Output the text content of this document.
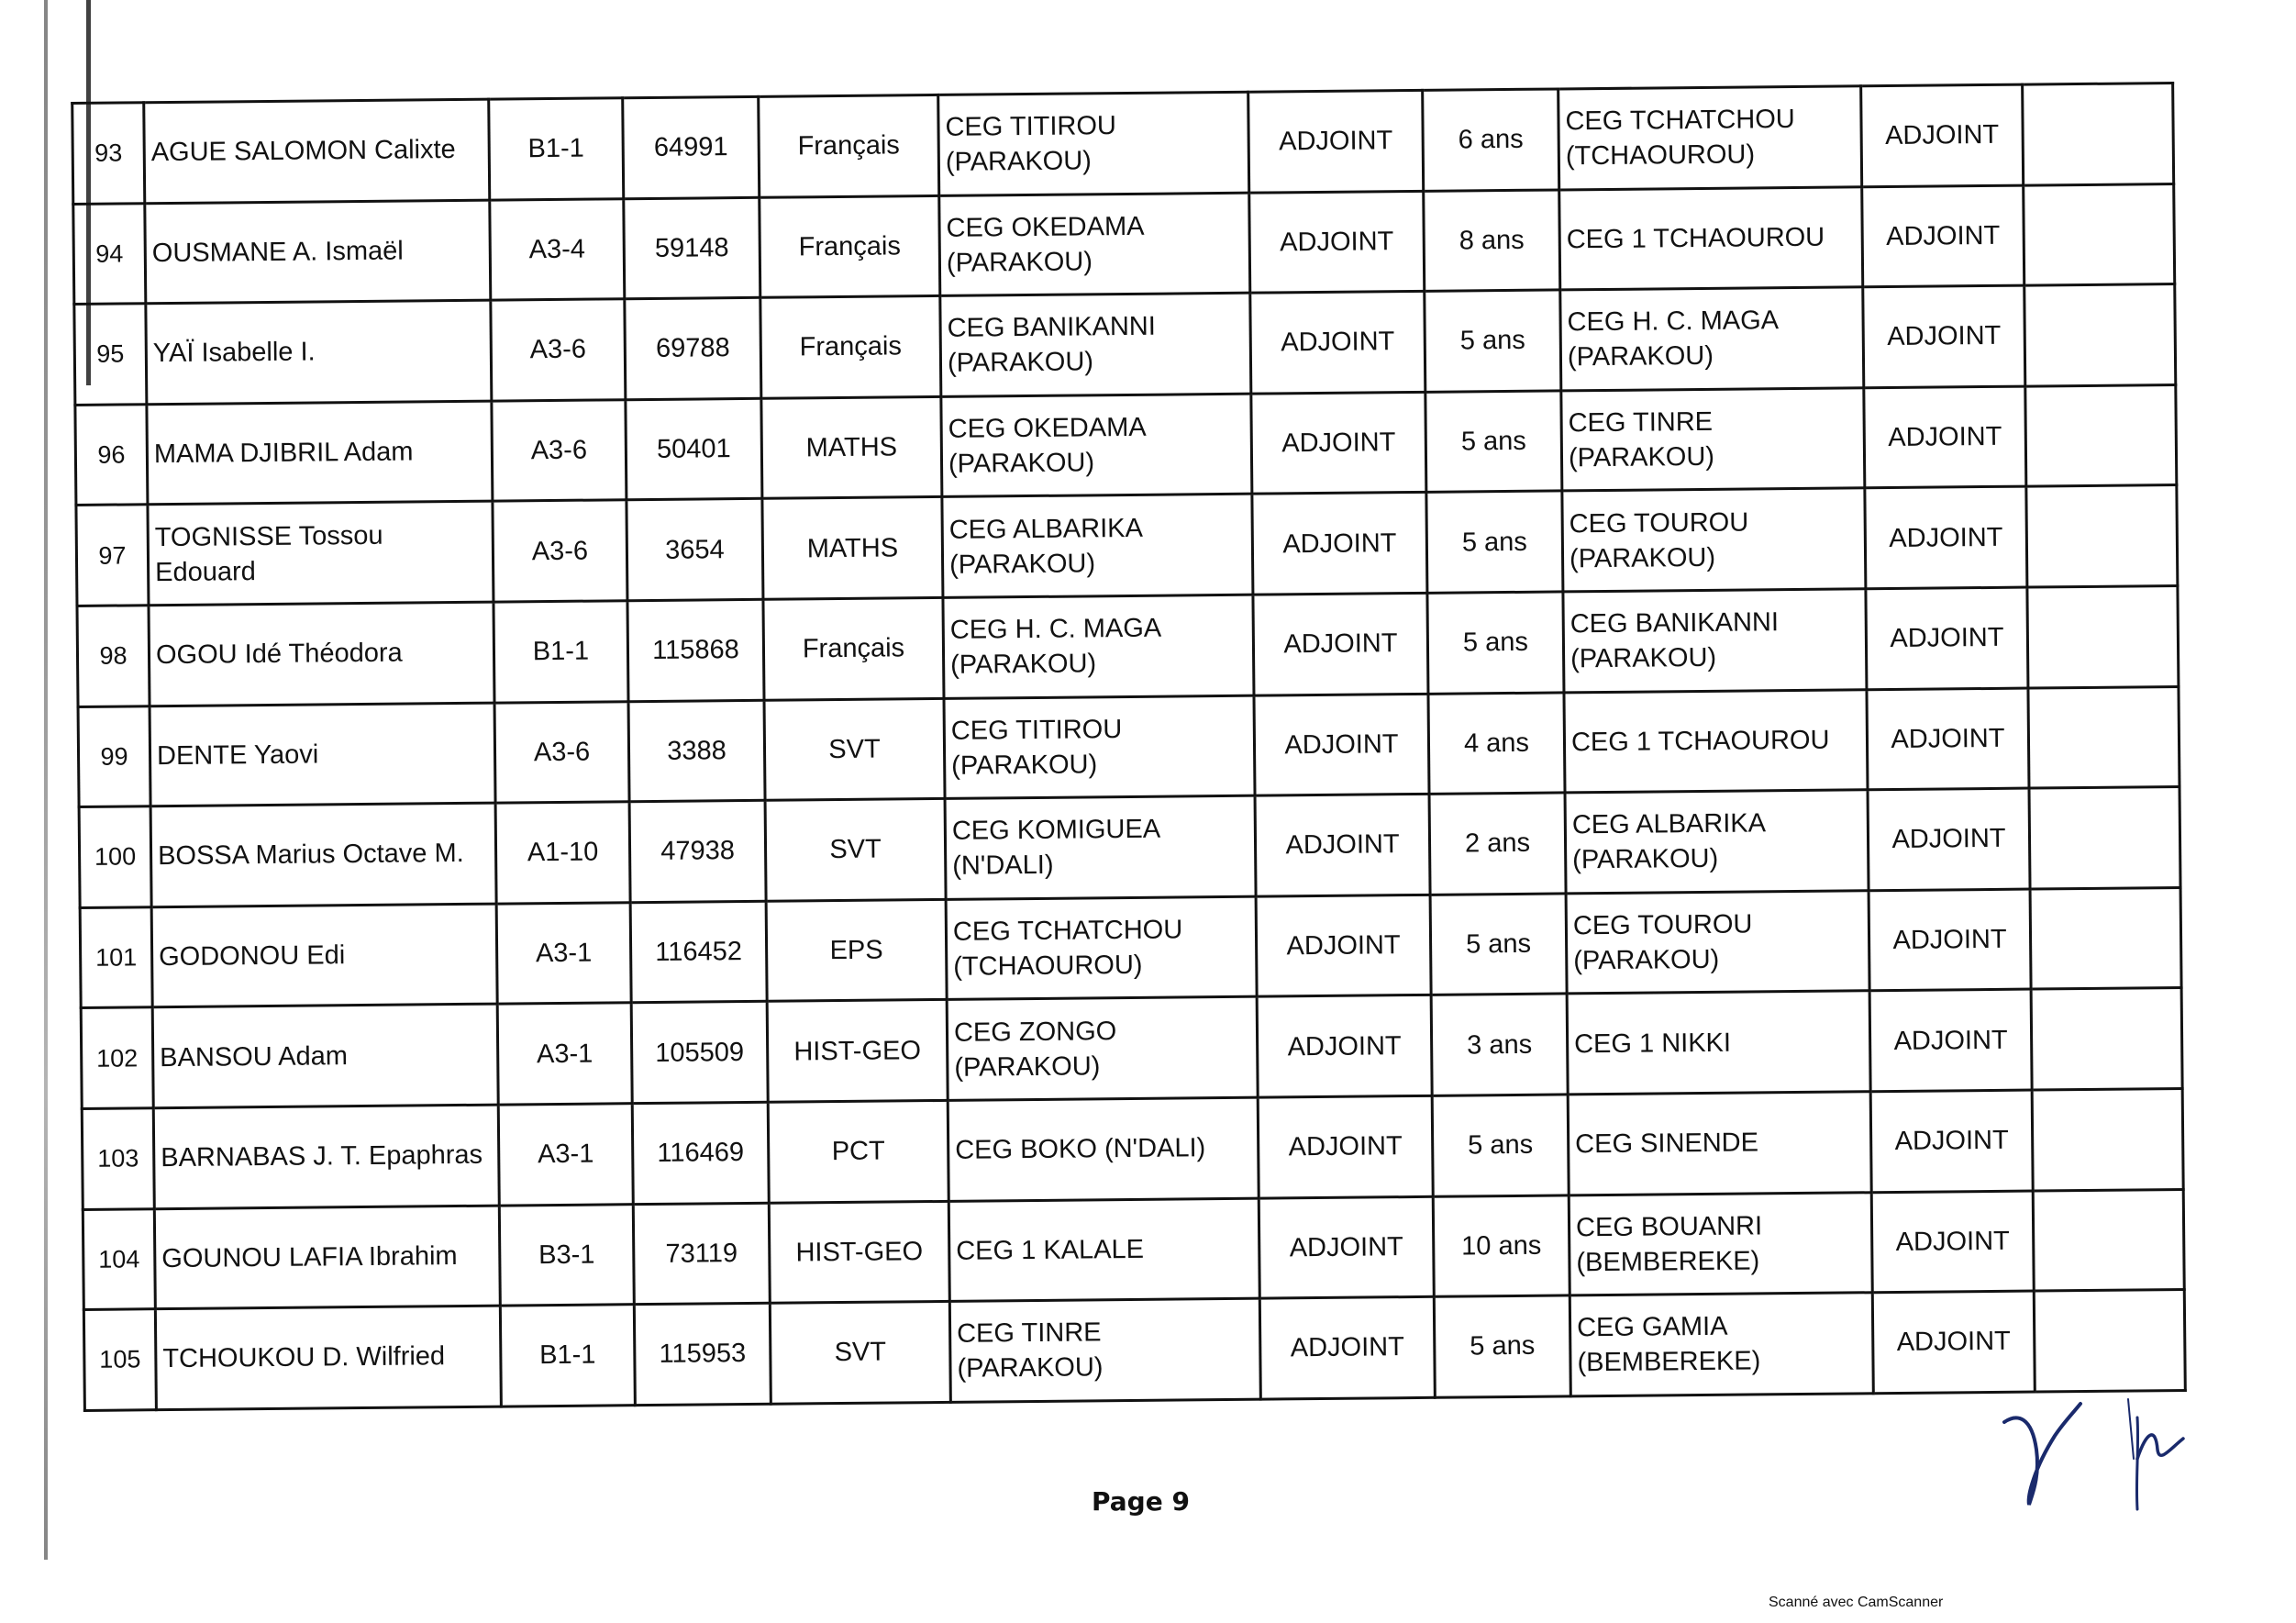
93	AGUE SALOMON Calixte	B1-1	64991	Français	CEG TITIROU
(PARAKOU)	ADJOINT	6 ans	CEG TCHATCHOU
(TCHAOUROU)	ADJOINT	
94	OUSMANE A. Ismaël	A3-4	59148	Français	CEG OKEDAMA
(PARAKOU)	ADJOINT	8 ans	CEG 1 TCHAOUROU	ADJOINT	
95	YAÏ Isabelle I.	A3-6	69788	Français	CEG BANIKANNI
(PARAKOU)	ADJOINT	5 ans	CEG H. C. MAGA
(PARAKOU)	ADJOINT	
96	MAMA DJIBRIL Adam	A3-6	50401	MATHS	CEG OKEDAMA
(PARAKOU)	ADJOINT	5 ans	CEG TINRE
(PARAKOU)	ADJOINT	
97	TOGNISSE Tossou Edouard	A3-6	3654	MATHS	CEG ALBARIKA
(PARAKOU)	ADJOINT	5 ans	CEG TOUROU
(PARAKOU)	ADJOINT	
98	OGOU Idé Théodora	B1-1	115868	Français	CEG H. C. MAGA
(PARAKOU)	ADJOINT	5 ans	CEG BANIKANNI
(PARAKOU)	ADJOINT	
99	DENTE Yaovi	A3-6	3388	SVT	CEG TITIROU
(PARAKOU)	ADJOINT	4 ans	CEG 1 TCHAOUROU	ADJOINT	
100	BOSSA Marius Octave M.	A1-10	47938	SVT	CEG KOMIGUEA
(N'DALI)	ADJOINT	2 ans	CEG ALBARIKA
(PARAKOU)	ADJOINT	
101	GODONOU Edi	A3-1	116452	EPS	CEG TCHATCHOU
(TCHAOUROU)	ADJOINT	5 ans	CEG TOUROU
(PARAKOU)	ADJOINT	
102	BANSOU Adam	A3-1	105509	HIST-GEO	CEG ZONGO
(PARAKOU)	ADJOINT	3 ans	CEG 1 NIKKI	ADJOINT	
103	BARNABAS J. T. Epaphras	A3-1	116469	PCT	CEG BOKO (N'DALI)	ADJOINT	5 ans	CEG SINENDE	ADJOINT	
104	GOUNOU LAFIA Ibrahim	B3-1	73119	HIST-GEO	CEG 1 KALALE	ADJOINT	10 ans	CEG BOUANRI
(BEMBEREKE)	ADJOINT	
105	TCHOUKOU D. Wilfried	B1-1	115953	SVT	CEG TINRE
(PARAKOU)	ADJOINT	5 ans	CEG GAMIA
(BEMBEREKE)	ADJOINT	
Page 9
Scanné avec CamScanner
